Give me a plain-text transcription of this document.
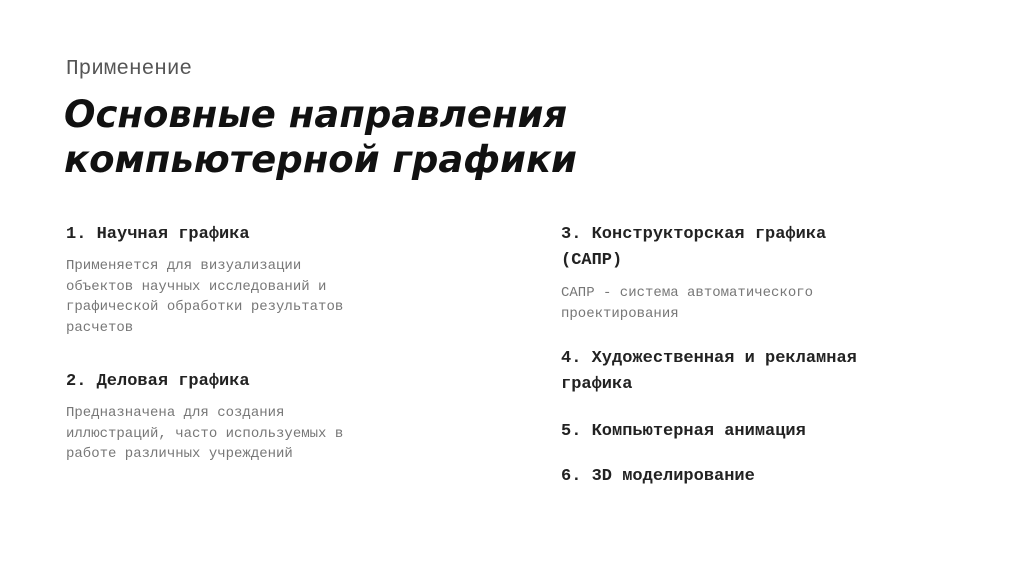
Применение
Основные направления компьютерной графики

1. Научная графика

Применяется для визуализации объектов научных исследований и графической обработки результатов расчетов

2. Деловая графика

Предназначена для создания иллюстраций, часто используемых в работе различных учреждений

3. Конструкторская графика (САПР)

САПР - система автоматического проектирования

4. Художественная и рекламная графика

5. Компьютерная анимация

6. 3D моделирование
